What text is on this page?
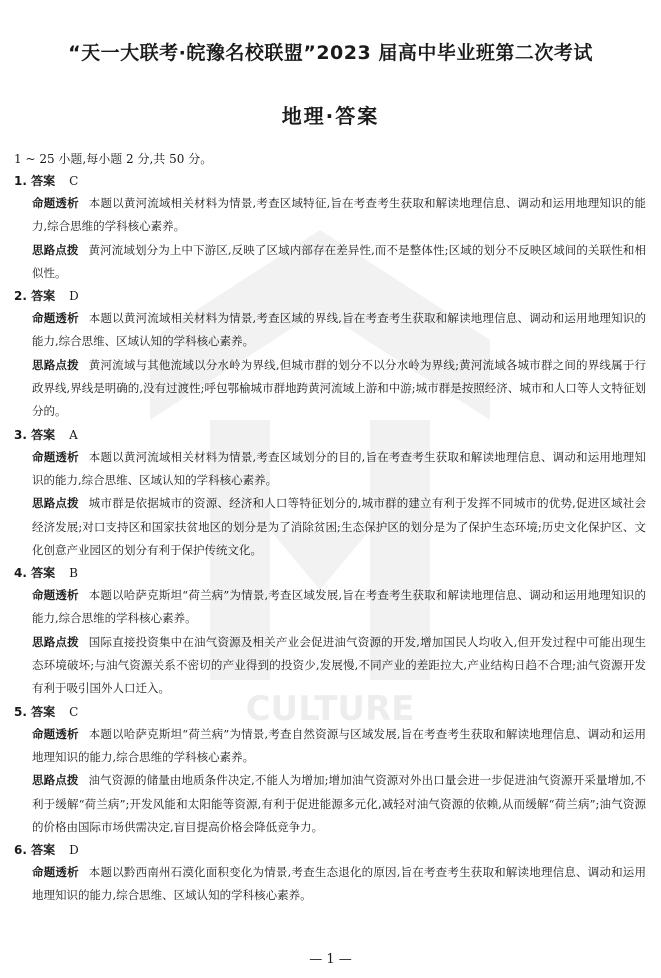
CULTURE
“天一大联考·皖豫名校联盟”2023 届高中毕业班第二次考试
地理·答案
1 ~ 25 小题,每小题 2 分,共 50 分。
1. 答案 C
命题透析 本题以黄河流域相关材料为情景,考查区域特征,旨在考查考生获取和解读地理信息、调动和运用地理知识的能力,综合思维的学科核心素养。
思路点拨 黄河流域划分为上中下游区,反映了区域内部存在差异性,而不是整体性;区域的划分不反映区域间的关联性和相似性。
2. 答案 D
命题透析 本题以黄河流域相关材料为情景,考查区域的界线,旨在考查考生获取和解读地理信息、调动和运用地理知识的能力,综合思维、区域认知的学科核心素养。
思路点拨 黄河流域与其他流域以分水岭为界线,但城市群的划分不以分水岭为界线;黄河流域各城市群之间的界线属于行政界线,界线是明确的,没有过渡性;呼包鄂榆城市群地跨黄河流域上游和中游;城市群是按照经济、城市和人口等人文特征划分的。
3. 答案 A
命题透析 本题以黄河流域相关材料为情景,考查区域划分的目的,旨在考查考生获取和解读地理信息、调动和运用地理知识的能力,综合思维、区域认知的学科核心素养。
思路点拨 城市群是依据城市的资源、经济和人口等特征划分的,城市群的建立有利于发挥不同城市的优势,促进区域社会经济发展;对口支持区和国家扶贫地区的划分是为了消除贫困;生态保护区的划分是为了保护生态环境;历史文化保护区、文化创意产业园区的划分有利于保护传统文化。
4. 答案 B
命题透析 本题以哈萨克斯坦“荷兰病”为情景,考查区域发展,旨在考查考生获取和解读地理信息、调动和运用地理知识的能力,综合思维的学科核心素养。
思路点拨 国际直接投资集中在油气资源及相关产业会促进油气资源的开发,增加国民人均收入,但开发过程中可能出现生态环境破坏;与油气资源关系不密切的产业得到的投资少,发展慢,不同产业的差距拉大,产业结构日趋不合理;油气资源开发有利于吸引国外人口迁入。
5. 答案 C
命题透析 本题以哈萨克斯坦“荷兰病”为情景,考查自然资源与区域发展,旨在考查考生获取和解读地理信息、调动和运用地理知识的能力,综合思维的学科核心素养。
思路点拨 油气资源的储量由地质条件决定,不能人为增加;增加油气资源对外出口量会进一步促进油气资源开采量增加,不利于缓解“荷兰病”;开发风能和太阳能等资源,有利于促进能源多元化,减轻对油气资源的依赖,从而缓解“荷兰病”;油气资源的价格由国际市场供需决定,盲目提高价格会降低竞争力。
6. 答案 D
命题透析 本题以黔西南州石漠化面积变化为情景,考查生态退化的原因,旨在考查考生获取和解读地理信息、调动和运用地理知识的能力,综合思维、区域认知的学科核心素养。
— 1 —
